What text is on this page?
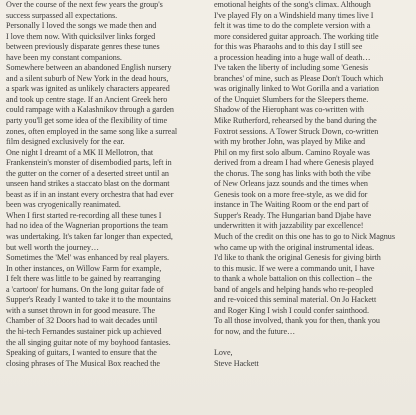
Over the course of the next few years the group's
success surpassed all expectations.
Personally I loved the songs we made then and
I love them now. With quicksilver links forged
between previously disparate genres these tunes
have been my constant companions.
Somewhere between an abandoned English nursery
and a silent suburb of New York in the dead hours,
a spark was ignited as unlikely characters appeared
and took up centre stage. If an Ancient Greek hero
could rampage with a Kalashnikov through a garden
party you'll get some idea of the flexibility of time
zones, often employed in the same song like a surreal
film designed exclusively for the ear.
One night I dreamt of a MK II Mellotron, that
Frankenstein's monster of disembodied parts, left in
the gutter on the corner of a deserted street until an
unseen hand strikes a staccato blast on the dormant
beast as if in an instant every orchestra that had ever
been was cryogenically reanimated.
When I first started re-recording all these tunes I
had no idea of the Wagnerian proportions the team
was undertaking. It's taken far longer than expected,
but well worth the journey…
Sometimes the 'Mel' was enhanced by real players.
In other instances, on Willow Farm for example,
I felt there was little to be gained by rearranging
a 'cartoon' for humans. On the long guitar fade of
Supper's Ready I wanted to take it to the mountains
with a sunset thrown in for good measure. The
Chamber of 32 Doors had to wait decades until
the hi-tech Fernandes sustainer pick up achieved
the all singing guitar note of my boyhood fantasies.
Speaking of guitars, I wanted to ensure that the
closing phrases of The Musical Box reached the
emotional heights of the song's climax. Although
I've played Fly on a Windshield many times live I
felt it was time to do the complete version with a
more considered guitar approach. The working title
for this was Pharaohs and to this day I still see
a procession heading into a huge wall of death…
I've taken the liberty of including some 'Genesis
branches' of mine, such as Please Don't Touch which
was originally linked to Wot Gorilla and a variation
of the Unquiet Slumbers for the Sleepers theme.
Shadow of the Hierophant was co-written with
Mike Rutherford, rehearsed by the band during the
Foxtrot sessions. A Tower Struck Down, co-written
with my brother John, was played by Mike and
Phil on my first solo album. Camino Royale was
derived from a dream I had where Genesis played
the chorus. The song has links with both the vibe
of New Orleans jazz sounds and the times when
Genesis took on a more free-style, as we did for
instance in The Waiting Room or the end part of
Supper's Ready. The Hungarian band Djabe have
underwritten it with jazzability par excellence!
Much of the credit on this one has to go to Nick Magnus
who came up with the original instrumental ideas.
I'd like to thank the original Genesis for giving birth
to this music. If we were a commando unit, I have
to thank a whole battalion on this collection – the
band of angels and helping hands who re-peopled
and re-voiced this seminal material. On Jo Hackett
and Roger King I wish I could confer sainthood.
To all those involved, thank you for then, thank you
for now, and the future…
Love,
Steve Hackett
